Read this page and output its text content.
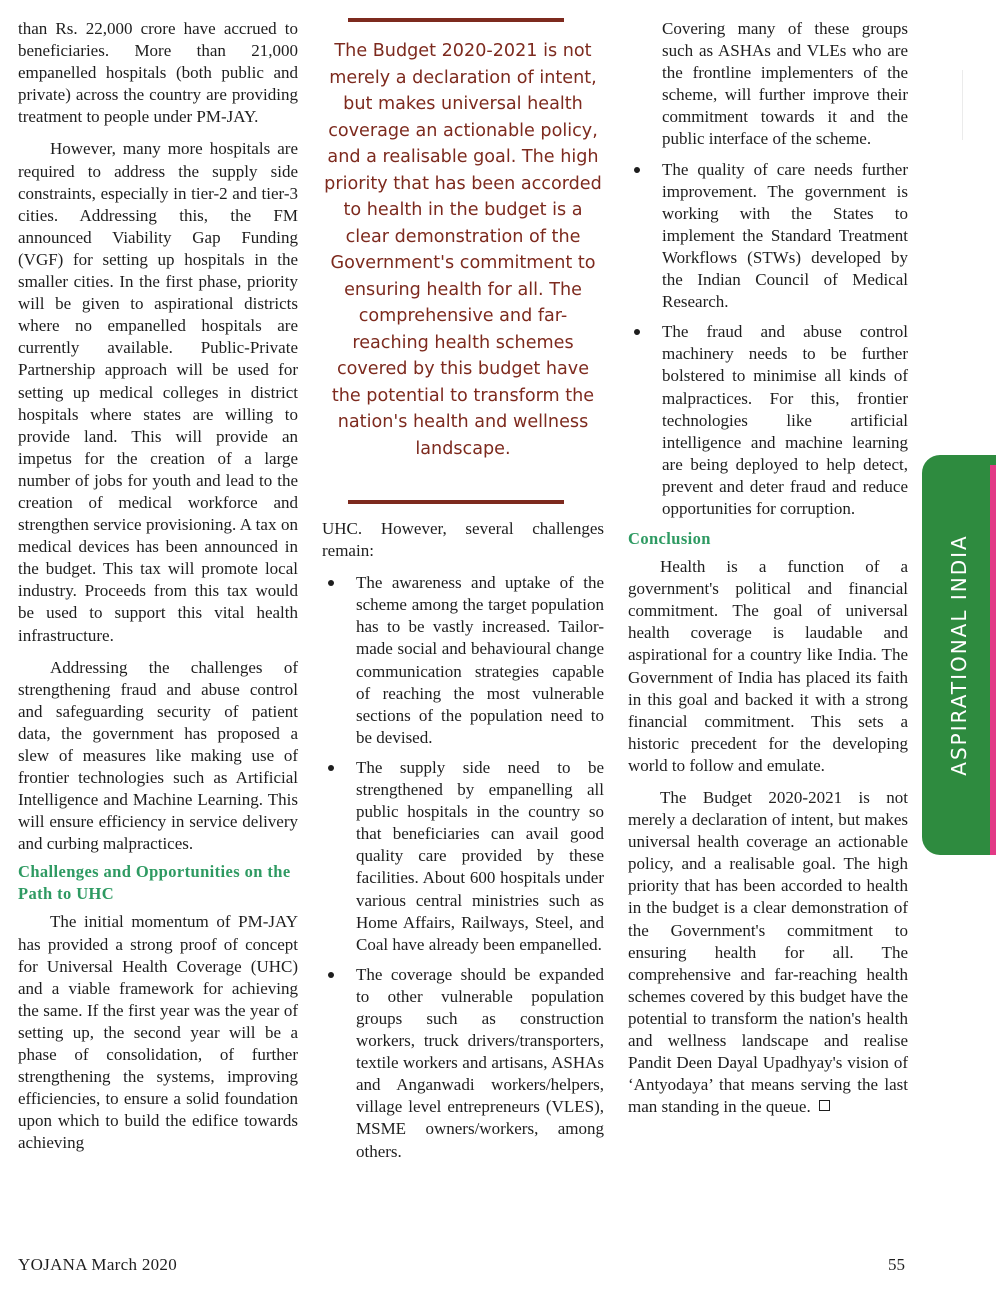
than Rs. 22,000 crore have accrued to beneficiaries. More than 21,000 empanelled hospitals (both public and private) across the country are providing treatment to people under PM-JAY.

However, many more hospitals are required to address the supply side constraints, especially in tier-2 and tier-3 cities. Addressing this, the FM announced Viability Gap Funding (VGF) for setting up hospitals in the smaller cities. In the first phase, priority will be given to aspirational districts where no empanelled hospitals are currently available. Public-Private Partnership approach will be used for setting up medical colleges in district hospitals where states are willing to provide land. This will provide an impetus for the creation of a large number of jobs for youth and lead to the creation of medical workforce and strengthen service provisioning. A tax on medical devices has been announced in the budget. This tax will promote local industry. Proceeds from this tax would be used to support this vital health infrastructure.

Addressing the challenges of strengthening fraud and abuse control and safeguarding security of patient data, the government has proposed a slew of measures like making use of frontier technologies such as Artificial Intelligence and Machine Learning. This will ensure efficiency in service delivery and curbing malpractices.

Challenges and Opportunities on the Path to UHC

The initial momentum of PM-JAY has provided a strong proof of concept for Universal Health Coverage (UHC) and a viable framework for achieving the same. If the first year was the year of setting up, the second year will be a phase of consolidation, of further strengthening the systems, improving efficiencies, to ensure a solid foundation upon which to build the edifice towards achieving

The Budget 2020-2021 is not merely a declaration of intent, but makes universal health coverage an actionable policy, and a realisable goal. The high priority that has been accorded to health in the budget is a clear demonstration of the Government's commitment to ensuring health for all. The comprehensive and far-reaching health schemes covered by this budget have the potential to transform the nation's health and wellness landscape.

UHC. However, several challenges remain:

The awareness and uptake of the scheme among the target population has to be vastly increased. Tailor-made social and behavioural change communication strategies capable of reaching the most vulnerable sections of the population need to be devised.
The supply side need to be strengthened by empanelling all public hospitals in the country so that beneficiaries can avail good quality care provided by these facilities. About 600 hospitals under various central ministries such as Home Affairs, Railways, Steel, and Coal have already been empanelled.
The coverage should be expanded to other vulnerable population groups such as construction workers, truck drivers/transporters, textile workers and artisans, ASHAs and Anganwadi workers/helpers, village level entrepreneurs (VLES), MSME owners/workers, among others.
Covering many of these groups such as ASHAs and VLEs who are the frontline implementers of the scheme, will further improve their commitment towards it and the public interface of the scheme.
The quality of care needs further improvement. The government is working with the States to implement the Standard Treatment Workflows (STWs) developed by the Indian Council of Medical Research.
The fraud and abuse control machinery needs to be further bolstered to minimise all kinds of malpractices. For this, frontier technologies like artificial intelligence and machine learning are being deployed to help detect, prevent and deter fraud and reduce opportunities for corruption.
Conclusion

Health is a function of a government's political and financial commitment. The goal of universal health coverage is laudable and aspirational for a country like India. The Government of India has placed its faith in this goal and backed it with a strong financial commitment. This sets a historic precedent for the developing world to follow and emulate.

The Budget 2020-2021 is not merely a declaration of intent, but makes universal health coverage an actionable policy, and a realisable goal. The high priority that has been accorded to health in the budget is a clear demonstration of the Government's commitment to ensuring health for all. The comprehensive and far-reaching health schemes covered by this budget have the potential to transform the nation's health and wellness landscape and realise Pandit Deen Dayal Upadhyay's vision of ‘Antyodaya’ that means serving the last man standing in the queue.

ASPIRATIONAL INDIA
YOJANA March 2020	55
